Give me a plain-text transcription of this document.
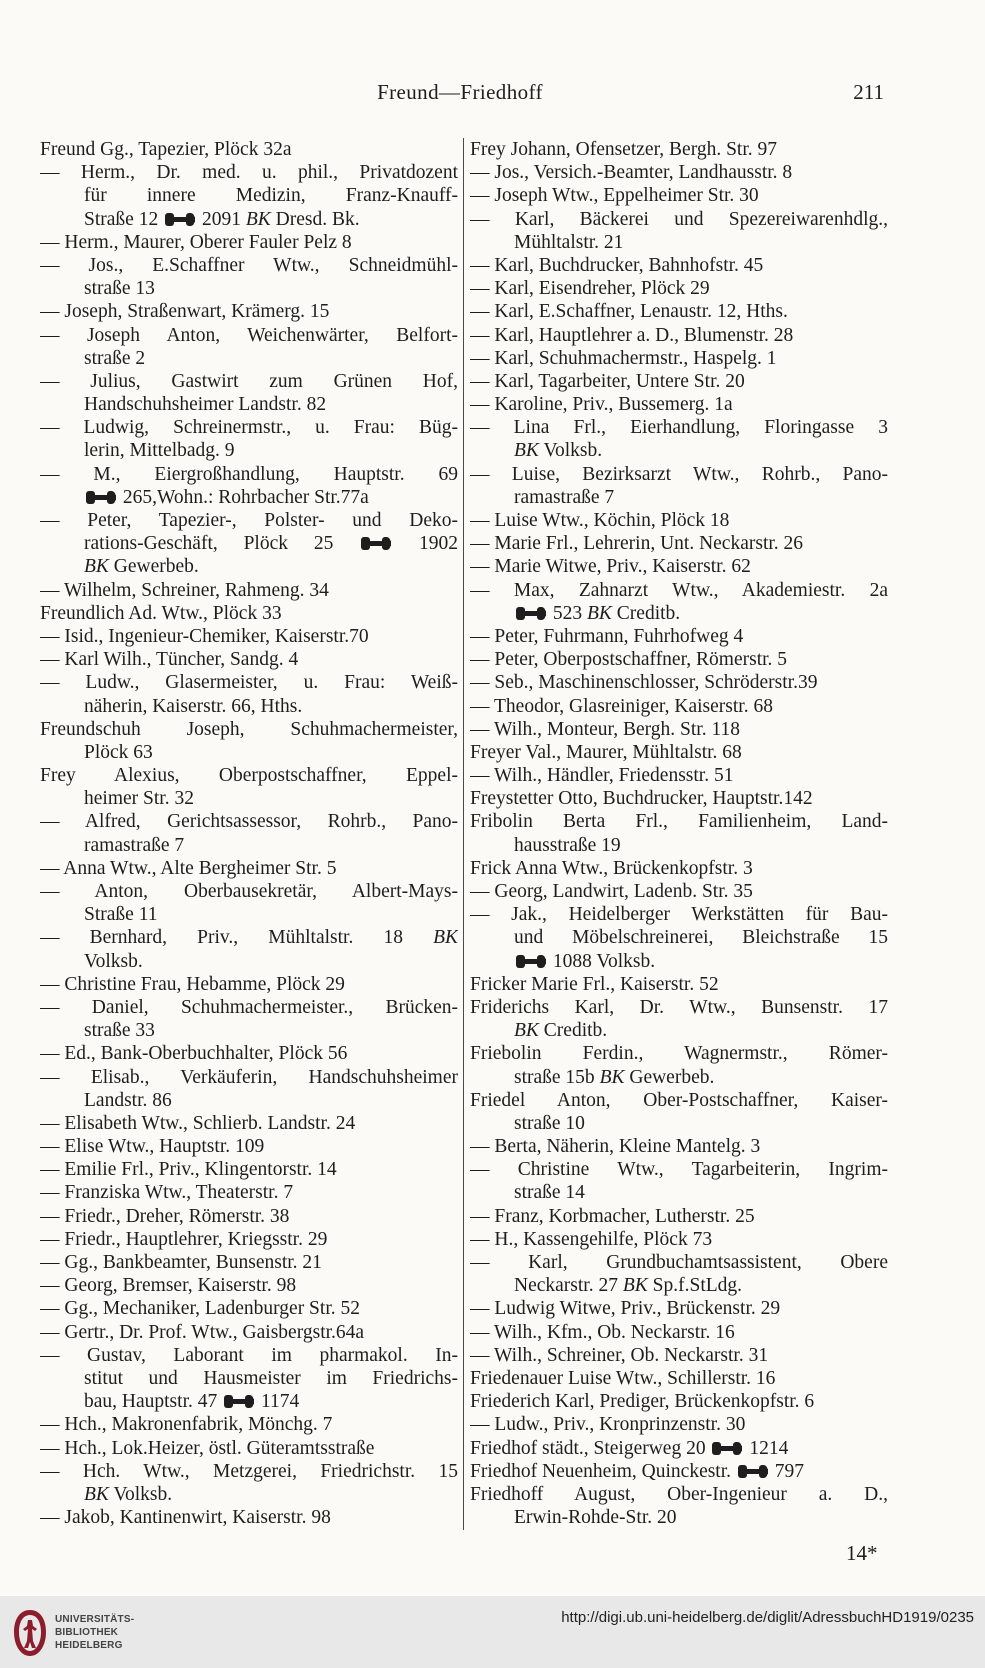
Freund—Friedhoff	211
Freund Gg., Tapezier, Plöck 32a
— Herm., Dr. med. u. phil., Privatdozent
für innere Medizin, Franz-Knauff-
Straße 12  2091 BK Dresd. Bk.
— Herm., Maurer, Oberer Fauler Pelz 8
— Jos., E.Schaffner Wtw., Schneidmühl-
straße 13
— Joseph, Straßenwart, Krämerg. 15
— Joseph Anton, Weichenwärter, Belfort-
straße 2
— Julius, Gastwirt zum Grünen Hof,
Handschuhsheimer Landstr. 82
— Ludwig, Schreinermstr., u. Frau: Büg-
lerin, Mittelbadg. 9
— M., Eiergroßhandlung, Hauptstr. 69
265,Wohn.: Rohrbacher Str.77a
— Peter, Tapezier-, Polster- und Deko-
rations-Geschäft, Plöck 25  1902
BK Gewerbeb.
— Wilhelm, Schreiner, Rahmeng. 34
Freundlich Ad. Wtw., Plöck 33
— Isid., Ingenieur-Chemiker, Kaiserstr.70
— Karl Wilh., Tüncher, Sandg. 4
— Ludw., Glasermeister, u. Frau: Weiß-
näherin, Kaiserstr. 66, Hths.
Freundschuh Joseph, Schuhmachermeister,
Plöck 63
Frey Alexius, Oberpostschaffner, Eppel-
heimer Str. 32
— Alfred, Gerichtsassessor, Rohrb., Pano-
ramastraße 7
— Anna Wtw., Alte Bergheimer Str. 5
— Anton, Oberbausekretär, Albert-Mays-
Straße 11
— Bernhard, Priv., Mühltalstr. 18 BK
Volksb.
— Christine Frau, Hebamme, Plöck 29
— Daniel, Schuhmachermeister., Brücken-
straße 33
— Ed., Bank-Oberbuchhalter, Plöck 56
— Elisab., Verkäuferin, Handschuhsheimer
Landstr. 86
— Elisabeth Wtw., Schlierb. Landstr. 24
— Elise Wtw., Hauptstr. 109
— Emilie Frl., Priv., Klingentorstr. 14
— Franziska Wtw., Theaterstr. 7
— Friedr., Dreher, Römerstr. 38
— Friedr., Hauptlehrer, Kriegsstr. 29
— Gg., Bankbeamter, Bunsenstr. 21
— Georg, Bremser, Kaiserstr. 98
— Gg., Mechaniker, Ladenburger Str. 52
— Gertr., Dr. Prof. Wtw., Gaisbergstr.64a
— Gustav, Laborant im pharmakol. In-
stitut und Hausmeister im Friedrichs-
bau, Hauptstr. 47  1174
— Hch., Makronenfabrik, Mönchg. 7
— Hch., Lok.Heizer, östl. Güteramtsstraße
— Hch. Wtw., Metzgerei, Friedrichstr. 15
BK Volksb.
— Jakob, Kantinenwirt, Kaiserstr. 98
Frey Johann, Ofensetzer, Bergh. Str. 97
— Jos., Versich.-Beamter, Landhausstr. 8
— Joseph Wtw., Eppelheimer Str. 30
— Karl, Bäckerei und Spezereiwarenhdlg.,
Mühltalstr. 21
— Karl, Buchdrucker, Bahnhofstr. 45
— Karl, Eisendreher, Plöck 29
— Karl, E.Schaffner, Lenaustr. 12, Hths.
— Karl, Hauptlehrer a. D., Blumenstr. 28
— Karl, Schuhmachermstr., Haspelg. 1
— Karl, Tagarbeiter, Untere Str. 20
— Karoline, Priv., Bussemerg. 1a
— Lina Frl., Eierhandlung, Floringasse 3
BK Volksb.
— Luise, Bezirksarzt Wtw., Rohrb., Pano-
ramastraße 7
— Luise Wtw., Köchin, Plöck 18
— Marie Frl., Lehrerin, Unt. Neckarstr. 26
— Marie Witwe, Priv., Kaiserstr. 62
— Max, Zahnarzt Wtw., Akademiestr. 2a
523 BK Creditb.
— Peter, Fuhrmann, Fuhrhofweg 4
— Peter, Oberpostschaffner, Römerstr. 5
— Seb., Maschinenschlosser, Schröderstr.39
— Theodor, Glasreiniger, Kaiserstr. 68
— Wilh., Monteur, Bergh. Str. 118
Freyer Val., Maurer, Mühltalstr. 68
— Wilh., Händler, Friedensstr. 51
Freystetter Otto, Buchdrucker, Hauptstr.142
Fribolin Berta Frl., Familienheim, Land-
hausstraße 19
Frick Anna Wtw., Brückenkopfstr. 3
— Georg, Landwirt, Ladenb. Str. 35
— Jak., Heidelberger Werkstätten für Bau-
und Möbelschreinerei, Bleichstraße 15
1088 Volksb.
Fricker Marie Frl., Kaiserstr. 52
Friderichs Karl, Dr. Wtw., Bunsenstr. 17
BK Creditb.
Friebolin Ferdin., Wagnermstr., Römer-
straße 15b BK Gewerbeb.
Friedel Anton, Ober-Postschaffner, Kaiser-
straße 10
— Berta, Näherin, Kleine Mantelg. 3
— Christine Wtw., Tagarbeiterin, Ingrim-
straße 14
— Franz, Korbmacher, Lutherstr. 25
— H., Kassengehilfe, Plöck 73
— Karl, Grundbuchamtsassistent, Obere
Neckarstr. 27 BK Sp.f.StLdg.
— Ludwig Witwe, Priv., Brückenstr. 29
— Wilh., Kfm., Ob. Neckarstr. 16
— Wilh., Schreiner, Ob. Neckarstr. 31
Friedenauer Luise Wtw., Schillerstr. 16
Friederich Karl, Prediger, Brückenkopfstr. 6
— Ludw., Priv., Kronprinzenstr. 30
Friedhof städt., Steigerweg 20  1214
Friedhof Neuenheim, Quinckestr.  797
Friedhoff August, Ober-Ingenieur a. D.,
Erwin-Rohde-Str. 20
14*
UNIVERSITÄTS-
BIBLIOTHEK
HEIDELBERG
http://digi.ub.uni-heidelberg.de/diglit/AdressbuchHD1919/0235
